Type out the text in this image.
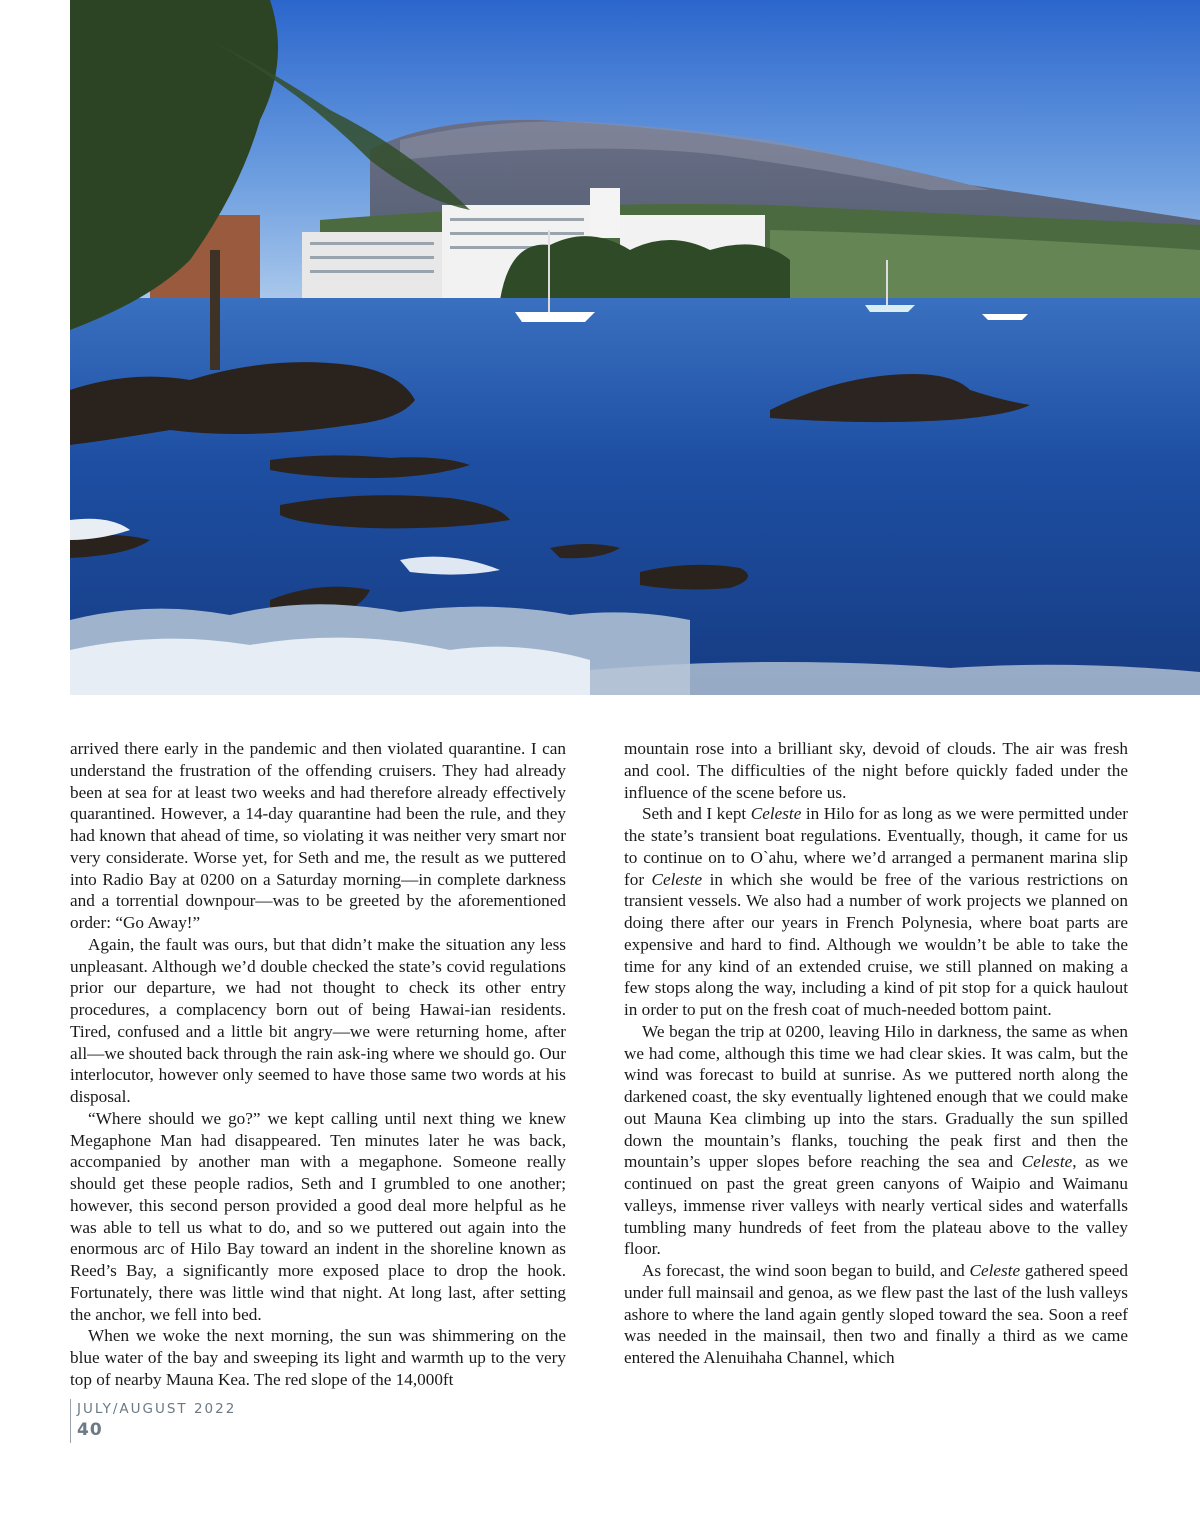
arrived there early in the pandemic and then violated quarantine. I can understand the frustration of the offending cruisers. They had already been at sea for at least two weeks and had therefore already effectively quarantined. However, a 14-day quarantine had been the rule, and they had known that ahead of time, so violating it was neither very smart nor very considerate. Worse yet, for Seth and me, the result as we puttered into Radio Bay at 0200 on a Saturday morning—in complete darkness and a torrential downpour—was to be greeted by the aforementioned order: “Go Away!”

Again, the fault was ours, but that didn’t make the situation any less unpleasant. Although we’d double checked the state’s covid regulations prior our departure, we had not thought to check its other entry procedures, a complacency born out of being Hawai-ian residents. Tired, confused and a little bit angry—we were returning home, after all—we shouted back through the rain ask-ing where we should go. Our interlocutor, however only seemed to have those same two words at his disposal.

“Where should we go?” we kept calling until next thing we knew Megaphone Man had disappeared. Ten minutes later he was back, accompanied by another man with a megaphone. Someone really should get these people radios, Seth and I grumbled to one another; however, this second person provided a good deal more helpful as he was able to tell us what to do, and so we puttered out again into the enormous arc of Hilo Bay toward an indent in the shoreline known as Reed’s Bay, a significantly more exposed place to drop the hook. Fortunately, there was little wind that night. At long last, after setting the anchor, we fell into bed.

When we woke the next morning, the sun was shimmering on the blue water of the bay and sweeping its light and warmth up to the very top of nearby Mauna Kea. The red slope of the 14,000ft

mountain rose into a brilliant sky, devoid of clouds. The air was fresh and cool. The difficulties of the night before quickly faded under the influence of the scene before us.

Seth and I kept Celeste in Hilo for as long as we were permitted under the state’s transient boat regulations. Eventually, though, it came for us to continue on to O`ahu, where we’d arranged a permanent marina slip for Celeste in which she would be free of the various restrictions on transient vessels. We also had a number of work projects we planned on doing there after our years in French Polynesia, where boat parts are expensive and hard to find. Although we wouldn’t be able to take the time for any kind of an extended cruise, we still planned on making a few stops along the way, including a kind of pit stop for a quick haulout in order to put on the fresh coat of much-needed bottom paint.

We began the trip at 0200, leaving Hilo in darkness, the same as when we had come, although this time we had clear skies. It was calm, but the wind was forecast to build at sunrise. As we puttered north along the darkened coast, the sky eventually lightened enough that we could make out Mauna Kea climbing up into the stars. Gradually the sun spilled down the mountain’s flanks, touching the peak first and then the mountain’s upper slopes before reaching the sea and Celeste, as we continued on past the great green canyons of Waipio and Waimanu valleys, immense river valleys with nearly vertical sides and waterfalls tumbling many hundreds of feet from the plateau above to the valley floor.

As forecast, the wind soon began to build, and Celeste gathered speed under full mainsail and genoa, as we flew past the last of the lush valleys ashore to where the land again gently sloped toward the sea. Soon a reef was needed in the mainsail, then two and finally a third as we came entered the Alenuihaha Channel, which

JULY/AUGUST 2022
40
